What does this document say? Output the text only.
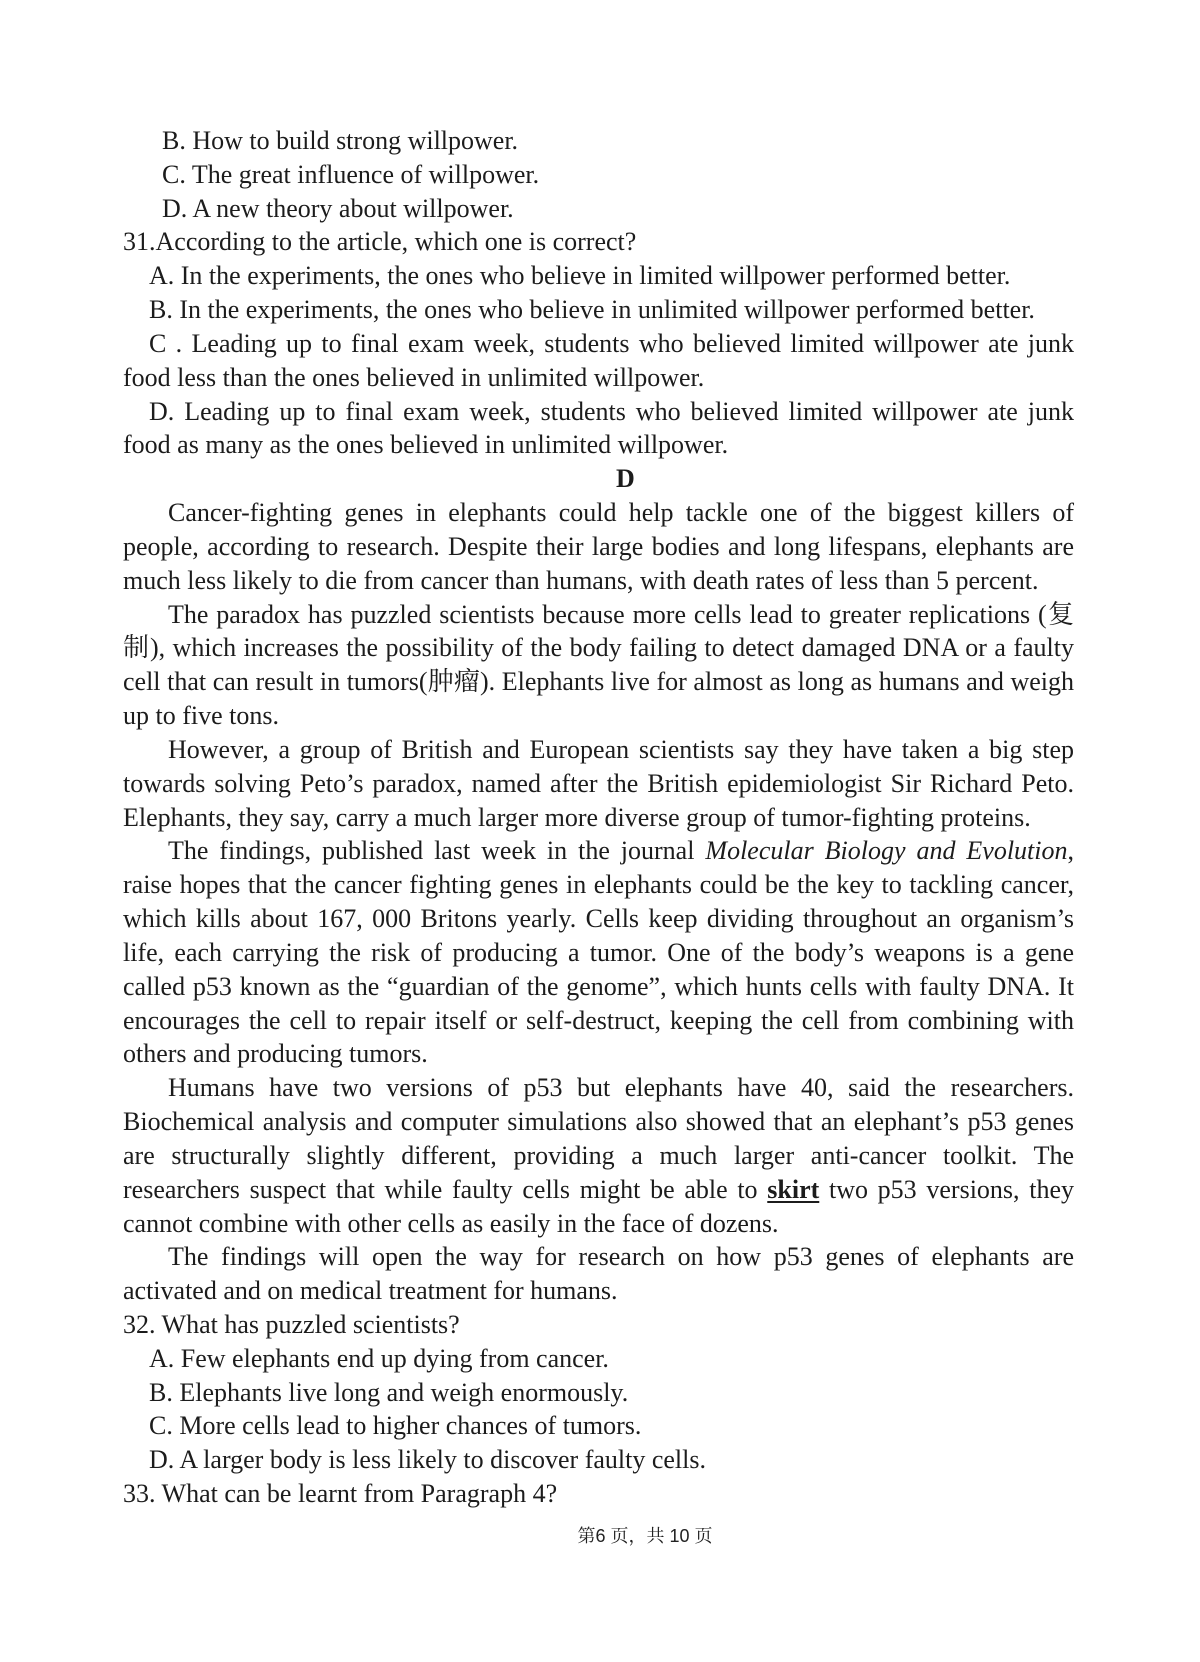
B. How to build strong willpower.
C. The great influence of willpower.
D. A new theory about willpower.
31.According to the article, which one is correct?
A. In the experiments, the ones who believe in limited willpower performed better.
B. In the experiments, the ones who believe in unlimited willpower performed better.
C . Leading up to final exam week, students who believed limited willpower ate junk
food less than the ones believed in unlimited willpower.
D. Leading up to final exam week, students who believed limited willpower ate junk
food as many as the ones believed in unlimited willpower.
D
Cancer-fighting genes in elephants could help tackle one of the biggest killers of
people, according to research. Despite their large bodies and long lifespans, elephants are
much less likely to die from cancer than humans, with death rates of less than 5 percent.
The paradox has puzzled scientists because more cells lead to greater replications (复
制), which increases the possibility of the body failing to detect damaged DNA or a faulty
cell that can result in tumors(肿瘤). Elephants live for almost as long as humans and weigh
up to five tons.
However, a group of British and European scientists say they have taken a big step
towards solving Peto’s paradox, named after the British epidemiologist Sir Richard Peto.
Elephants, they say, carry a much larger more diverse group of tumor-fighting proteins.
The findings, published last week in the journal Molecular Biology and Evolution,
raise hopes that the cancer fighting genes in elephants could be the key to tackling cancer,
which kills about 167, 000 Britons yearly. Cells keep dividing throughout an organism’s
life, each carrying the risk of producing a tumor. One of the body’s weapons is a gene
called p53 known as the “guardian of the genome”, which hunts cells with faulty DNA. It
encourages the cell to repair itself or self-destruct, keeping the cell from combining with
others and producing tumors.
Humans have two versions of p53 but elephants have 40, said the researchers.
Biochemical analysis and computer simulations also showed that an elephant’s p53 genes
are structurally slightly different, providing a much larger anti-cancer toolkit. The
researchers suspect that while faulty cells might be able to skirt two p53 versions, they
cannot combine with other cells as easily in the face of dozens.
The findings will open the way for research on how p53 genes of elephants are
activated and on medical treatment for humans.
32. What has puzzled scientists?
A. Few elephants end up dying from cancer.
B. Elephants live long and weigh enormously.
C. More cells lead to higher chances of tumors.
D. A larger body is less likely to discover faulty cells.
33. What can be learnt from Paragraph 4?
第6 页，共 10 页
